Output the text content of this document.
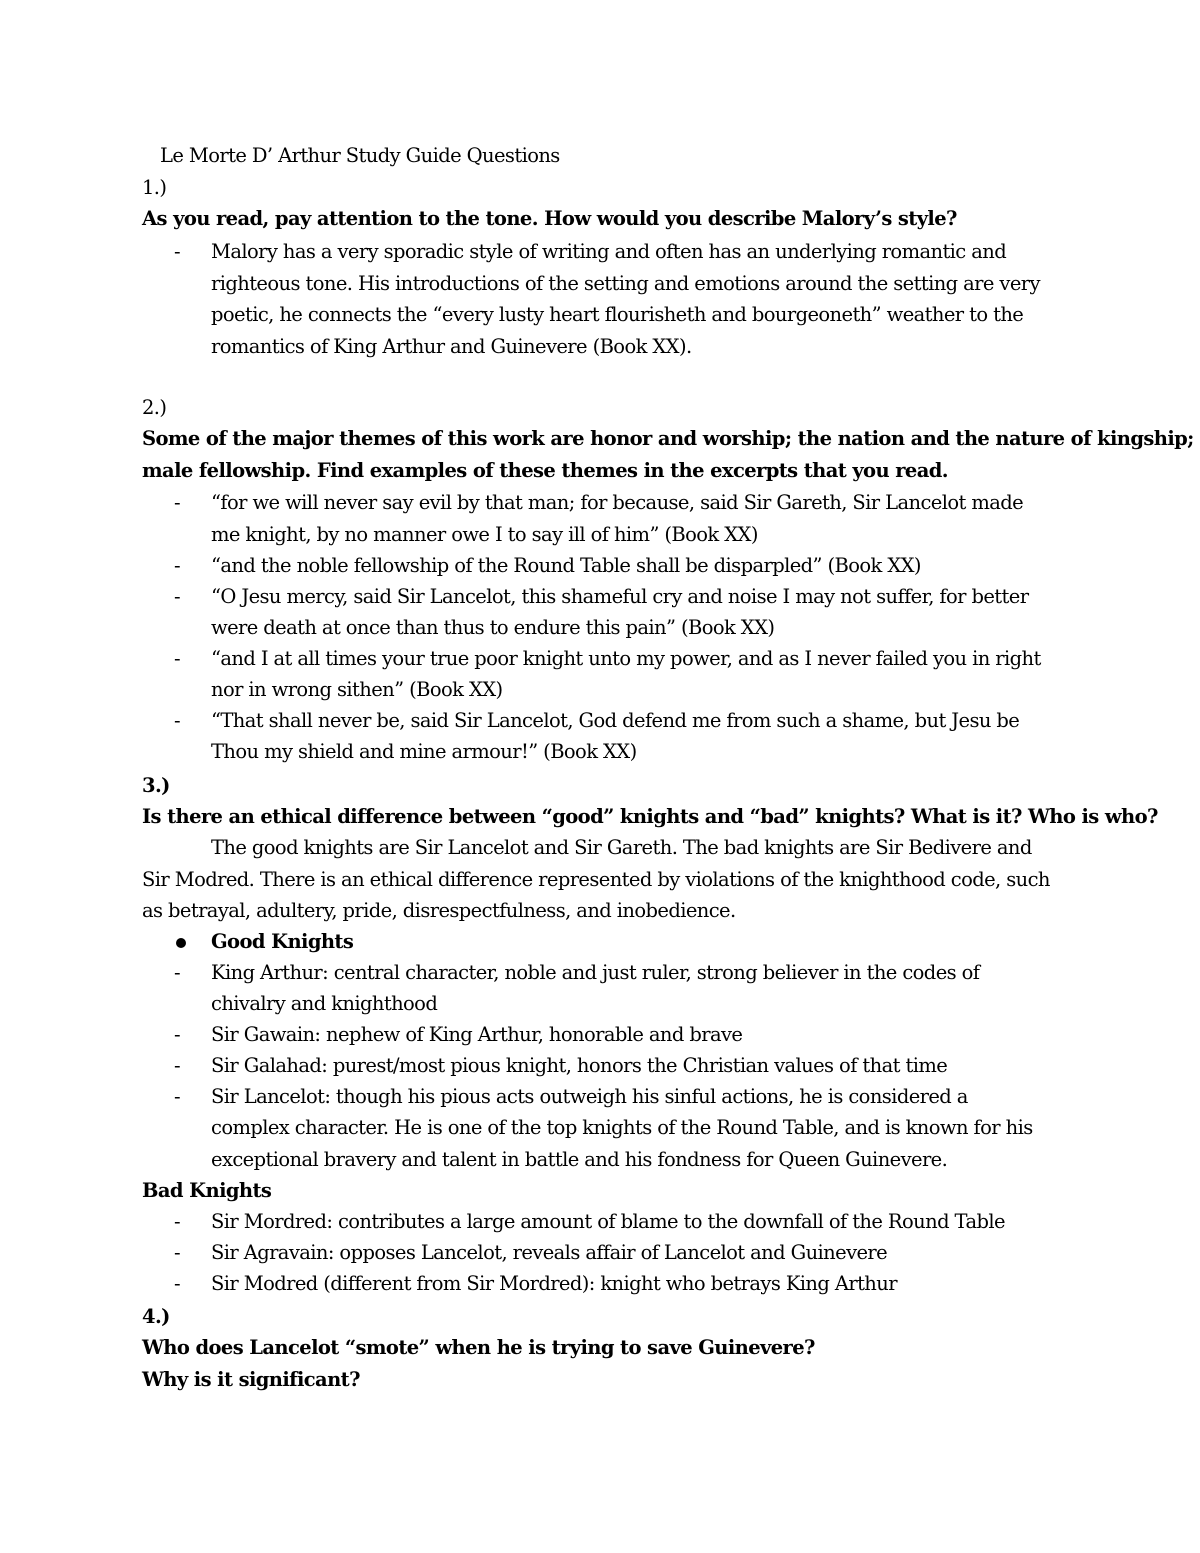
Le Morte D’ Arthur Study Guide Questions
1.)
As you read, pay attention to the tone. How would you describe Malory’s style?
- Malory has a very sporadic style of writing and often has an underlying romantic and
righteous tone. His introductions of the setting and emotions around the setting are very
poetic, he connects the “every lusty heart flourisheth and bourgeoneth” weather to the
romantics of King Arthur and Guinevere (Book XX).
2.)
Some of the major themes of this work are honor and worship; the nation and the nature of kingship;
male fellowship. Find examples of these themes in the excerpts that you read.
- “for we will never say evil by that man; for because, said Sir Gareth, Sir Lancelot made
me knight, by no manner owe I to say ill of him” (Book XX)
- “and the noble fellowship of the Round Table shall be disparpled” (Book XX)
- “O Jesu mercy, said Sir Lancelot, this shameful cry and noise I may not suffer, for better
were death at once than thus to endure this pain” (Book XX)
- “and I at all times your true poor knight unto my power, and as I never failed you in right
nor in wrong sithen” (Book XX)
- “That shall never be, said Sir Lancelot, God defend me from such a shame, but Jesu be
Thou my shield and mine armour!” (Book XX)
3.)
Is there an ethical difference between “good” knights and “bad” knights? What is it? Who is who?
The good knights are Sir Lancelot and Sir Gareth. The bad knights are Sir Bedivere and
Sir Modred. There is an ethical difference represented by violations of the knighthood code, such
as betrayal, adultery, pride, disrespectfulness, and inobedience.
Good Knights
- King Arthur: central character, noble and just ruler, strong believer in the codes of
chivalry and knighthood
- Sir Gawain: nephew of King Arthur, honorable and brave
- Sir Galahad: purest/most pious knight, honors the Christian values of that time
- Sir Lancelot: though his pious acts outweigh his sinful actions, he is considered a
complex character. He is one of the top knights of the Round Table, and is known for his
exceptional bravery and talent in battle and his fondness for Queen Guinevere.
Bad Knights
- Sir Mordred: contributes a large amount of blame to the downfall of the Round Table
- Sir Agravain: opposes Lancelot, reveals affair of Lancelot and Guinevere
- Sir Modred (different from Sir Mordred): knight who betrays King Arthur
4.)
Who does Lancelot “smote” when he is trying to save Guinevere?
Why is it significant?
